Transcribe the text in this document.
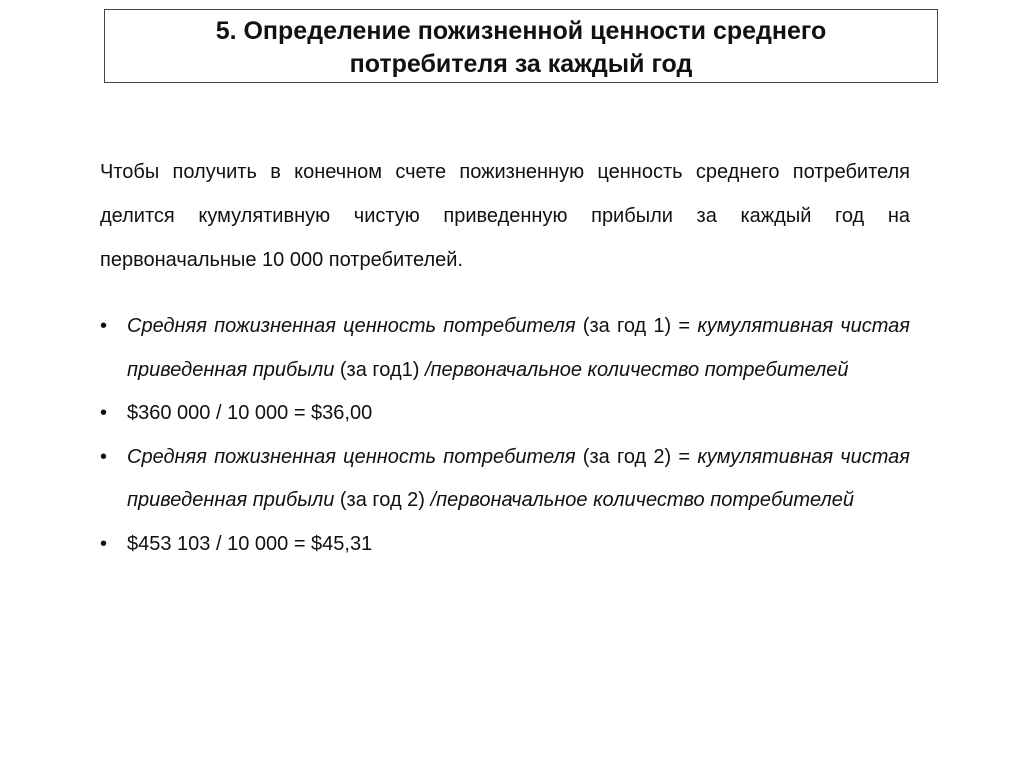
5. Определение пожизненной ценности среднего
потребителя за каждый год

Чтобы получить в конечном счете пожизненную ценность среднего потребителя делится кумулятивную чистую приведенную прибыли за каждый год на первоначальные 10 000 потребителей.

• Средняя пожизненная ценность потребителя (за год 1) = кумулятивная чистая приведенная прибыли (за год1) /первоначальное количество потребителей
• $360 000 / 10 000 = $36,00
• Средняя пожизненная ценность потребителя (за год 2) = кумулятивная чистая приведенная прибыли (за год 2) /первоначальное количество потребителей
• $453 103 / 10 000 = $45,31
